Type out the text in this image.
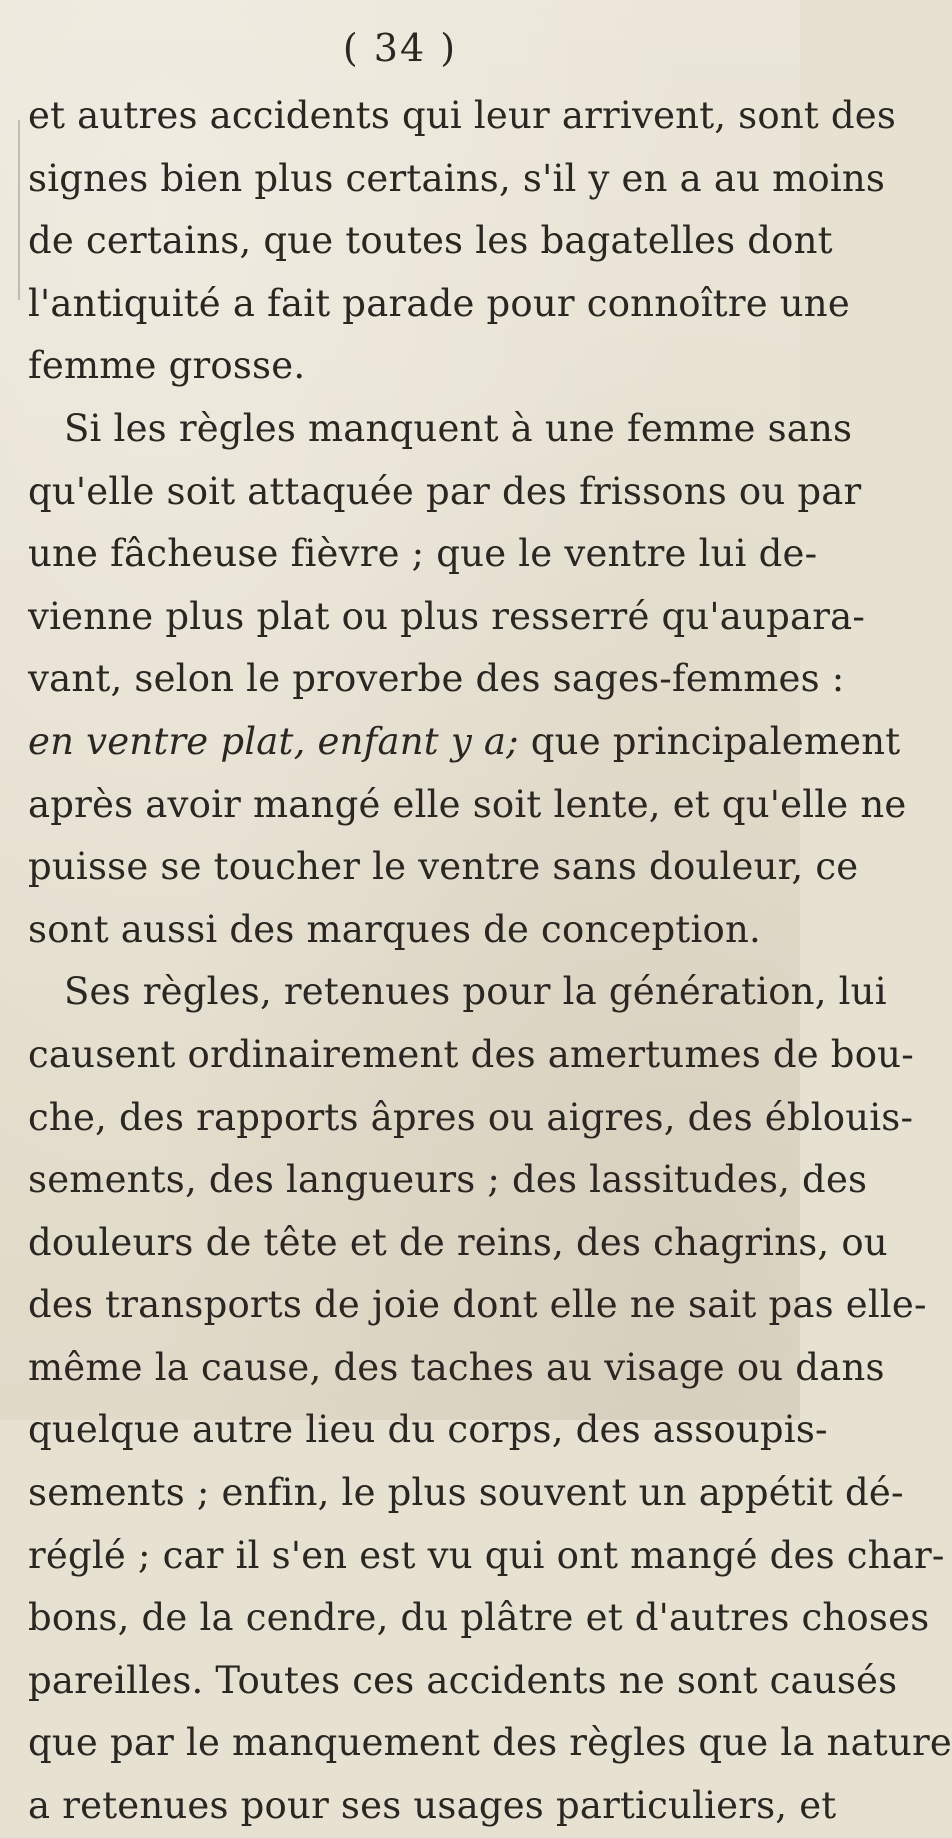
( 34 )
et autres accidents qui leur arrivent, sont des
signes bien plus certains, s'il y en a au moins
de certains, que toutes les bagatelles dont
l'antiquité a fait parade pour connoître une
femme grosse.
Si les règles manquent à une femme sans
qu'elle soit attaquée par des frissons ou par
une fâcheuse fièvre ; que le ventre lui de-
vienne plus plat ou plus resserré qu'aupara-
vant, selon le proverbe des sages-femmes :
en ventre plat, enfant y a; que principalement
après avoir mangé elle soit lente, et qu'elle ne
puisse se toucher le ventre sans douleur, ce
sont aussi des marques de conception.
Ses règles, retenues pour la génération, lui
causent ordinairement des amertumes de bou-
che, des rapports âpres ou aigres, des éblouis-
sements, des langueurs ; des lassitudes, des
douleurs de tête et de reins, des chagrins, ou
des transports de joie dont elle ne sait pas elle-
même la cause, des taches au visage ou dans
quelque autre lieu du corps, des assoupis-
sements ; enfin, le plus souvent un appétit dé-
réglé ; car il s'en est vu qui ont mangé des char-
bons, de la cendre, du plâtre et d'autres choses
pareilles. Toutes ces accidents ne sont causés
que par le manquement des règles que la nature
a retenues pour ses usages particuliers, et
